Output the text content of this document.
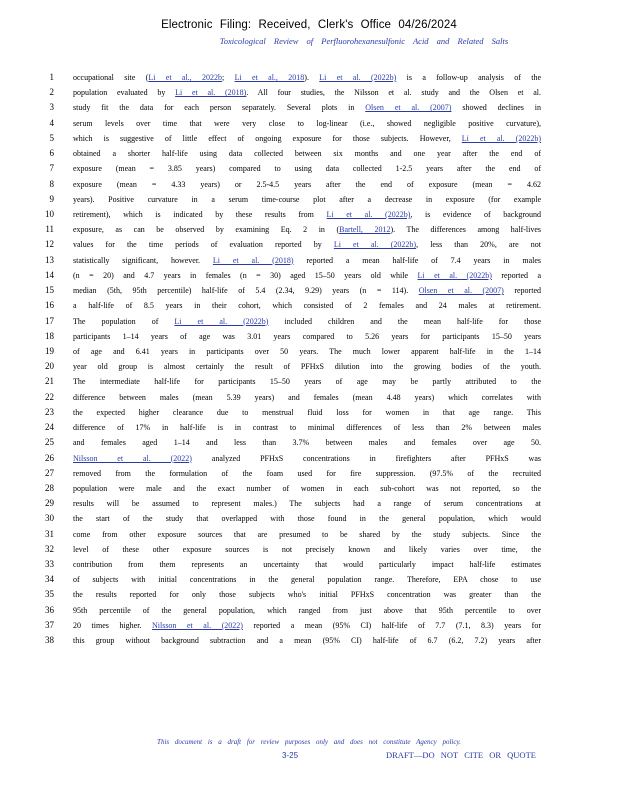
Electronic Filing: Received, Clerk's Office 04/26/2024
Toxicological Review of Perfluorohexanesulfonic Acid and Related Salts
1 occupational site (Li et al., 2022b; Li et al., 2018). Li et al. (2022b) is a follow-up analysis of the
2 population evaluated by Li et al. (2018). All four studies, the Nilsson et al. study and the Olsen et al.
3 study fit the data for each person separately. Several plots in Olsen et al. (2007) showed declines in
4 serum levels over time that were very close to log-linear (i.e., showed negligible positive curvature),
5 which is suggestive of little effect of ongoing exposure for those subjects. However, Li et al. (2022b)
6 obtained a shorter half-life using data collected between six months and one year after the end of
7 exposure (mean = 3.85 years) compared to using data collected 1-2.5 years after the end of
8 exposure (mean = 4.33 years) or 2.5-4.5 years after the end of exposure (mean = 4.62
9 years). Positive curvature in a serum time-course plot after a decrease in exposure (for example
10 retirement), which is indicated by these results from Li et al. (2022b), is evidence of background
11 exposure, as can be observed by examining Eq. 2 in (Bartell, 2012). The differences among half-lives
12 values for the time periods of evaluation reported by Li et al. (2022b), less than 20%, are not
13 statistically significant, however. Li et al. (2018) reported a mean half-life of 7.4 years in males
14 (n = 20) and 4.7 years in females (n = 30) aged 15–50 years old while Li et al. (2022b) reported a
15 median (5th, 95th percentile) half-life of 5.4 (2.34, 9.29) years (n = 114). Olsen et al. (2007) reported
16 a half-life of 8.5 years in their cohort, which consisted of 2 females and 24 males at retirement.
17 The population of Li et al. (2022b) included children and the mean half-life for those
18 participants 1–14 years of age was 3.01 years compared to 5.26 years for participants 15–50 years
19 of age and 6.41 years in participants over 50 years. The much lower apparent half-life in the 1–14
20 year old group is almost certainly the result of PFHxS dilution into the growing bodies of the youth.
21 The intermediate half-life for participants 15–50 years of age may be partly attributed to the
22 difference between males (mean 5.39 years) and females (mean 4.48 years) which correlates with
23 the expected higher clearance due to menstrual fluid loss for women in that age range. This
24 difference of 17% in half-life is in contrast to minimal differences of less than 2% between males
25 and females aged 1–14 and less than 3.7% between males and females over age 50.
26 Nilsson et al. (2022) analyzed PFHxS concentrations in firefighters after PFHxS was
27 removed from the formulation of the foam used for fire suppression. (97.5% of the recruited
28 population were male and the exact number of women in each sub-cohort was not reported, so the
29 results will be assumed to represent males.) The subjects had a range of serum concentrations at
30 the start of the study that overlapped with those found in the general population, which would
31 come from other exposure sources that are presumed to be shared by the study subjects. Since the
32 level of these other exposure sources is not precisely known and likely varies over time, the
33 contribution from them represents an uncertainty that would particularly impact half-life estimates
34 of subjects with initial concentrations in the general population range. Therefore, EPA chose to use
35 the results reported for only those subjects who's initial PFHxS concentration was greater than the
36 95th percentile of the general population, which ranged from just above that 95th percentile to over
37 20 times higher. Nilsson et al. (2022) reported a mean (95% CI) half-life of 7.7 (7.1, 8.3) years for
38 this group without background subtraction and a mean (95% CI) half-life of 6.7 (6.2, 7.2) years after
This document is a draft for review purposes only and does not constitute Agency policy.
3-25	DRAFT—DO NOT CITE OR QUOTE
